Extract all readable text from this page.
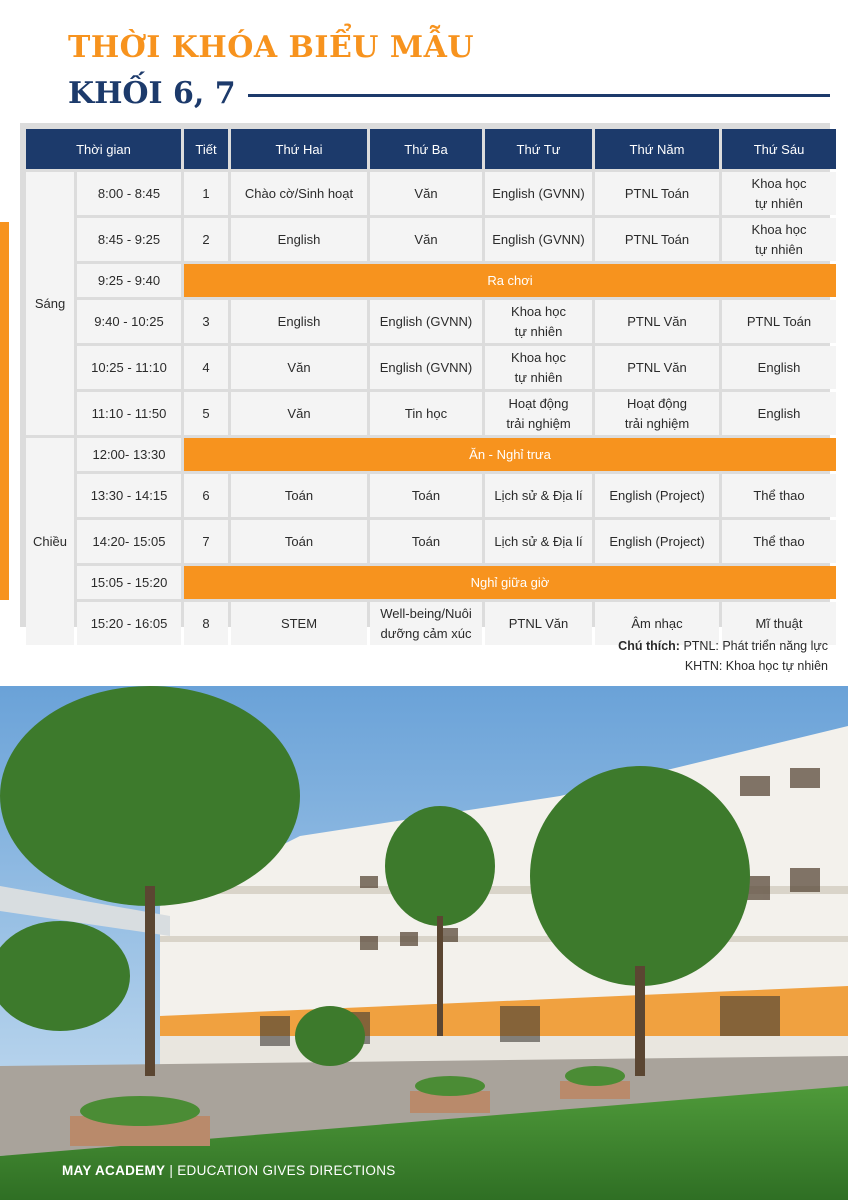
THỜI KHÓA BIỂU MẪU
KHỐI 6, 7
Thời gian		Tiết	Thứ Hai	Thứ Ba	Thứ Tư	Thứ Năm	Thứ Sáu
Sáng	8:00 - 8:45	1	Chào cờ/Sinh hoạt	Văn	English (GVNN)	PTNL Toán	Khoa học
tự nhiên
	8:45 - 9:25	2	English	Văn	English (GVNN)	PTNL Toán	Khoa học
tự nhiên
	9:25 - 9:40	Ra chơi					
	9:40 - 10:25	3	English	English (GVNN)	Khoa học
tự nhiên	PTNL Văn	PTNL Toán
	10:25 - 11:10	4	Văn	English (GVNN)	Khoa học
tự nhiên	PTNL Văn	English
	11:10 - 11:50	5	Văn	Tin học	Hoạt động
trải nghiệm	Hoạt động
trải nghiệm	English
Chiều	12:00- 13:30	Ăn - Nghỉ trưa					
	13:30 - 14:15	6	Toán	Toán	Lịch sử & Địa lí	English (Project)	Thể thao
	14:20- 15:05	7	Toán	Toán	Lịch sử & Địa lí	English (Project)	Thể thao
	15:05 - 15:20	Nghỉ giữa giờ					
	15:20 - 16:05	8	STEM	Well-being/Nuôi
dưỡng cảm xúc	PTNL Văn	Âm nhạc	Mĩ thuật
Chú thích: PTNL: Phát triển năng lực
KHTN: Khoa học tự nhiên
MAY ACADEMY | EDUCATION GIVES DIRECTIONS
